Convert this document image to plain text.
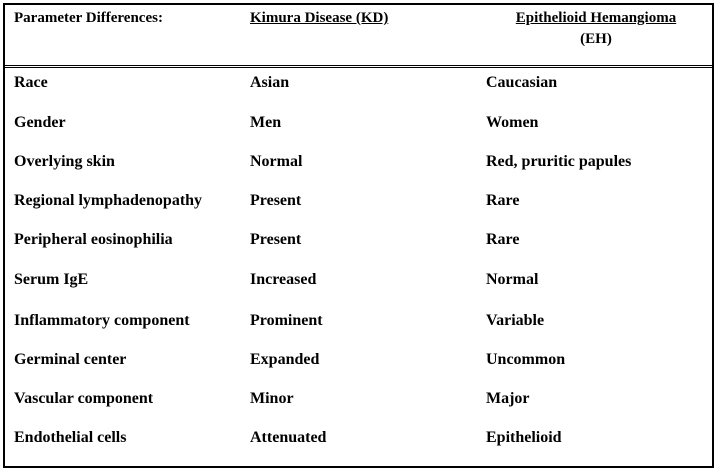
Parameter Differences:	Kimura Disease (KD)	Epithelioid Hemangioma
(EH)
Race	Asian	Caucasian
Gender	Men	Women
Overlying skin	Normal	Red, pruritic papules
Regional lymphadenopathy	Present	Rare
Peripheral eosinophilia	Present	Rare
Serum IgE	Increased	Normal
Inflammatory component	Prominent	Variable
Germinal center	Expanded	Uncommon
Vascular component	Minor	Major
Endothelial cells	Attenuated	Epithelioid
